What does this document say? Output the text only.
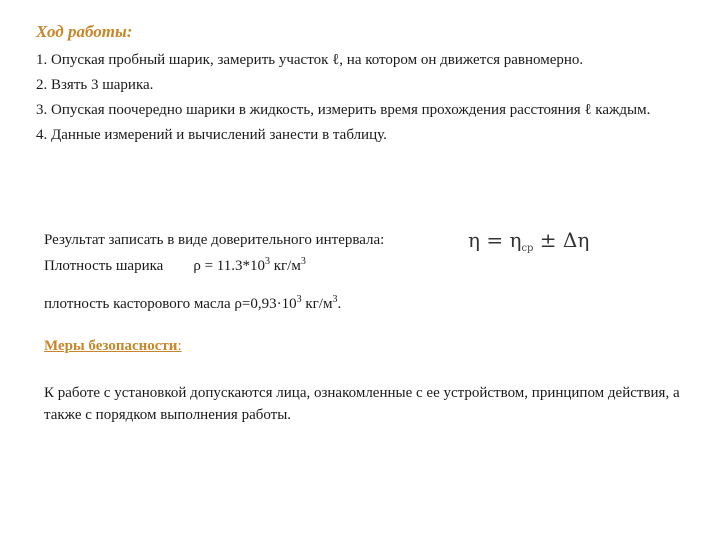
Ход работы:
1. Опуская пробный шарик, замерить участок ℓ, на котором он движется равномерно.
2. Взять 3 шарика.
3. Опуская поочередно шарики в жидкость, измерить время прохождения расстояния ℓ каждым.
4. Данные измерений и вычислений занести в таблицу.
Результат записать в виде доверительного интервала:
Плотность шарика $\rho = 11.3*10^3$ $кг/м^3$
$\eta = \eta_{ср} \pm \Delta\eta$
плотность касторового масла $\rho=0,93\cdot 10^3$ $кг/м^3$.
Меры безопасности:
К работе с установкой допускаются лица, ознакомленные с ее устройством, принципом действия, а также с порядком выполнения работы.
